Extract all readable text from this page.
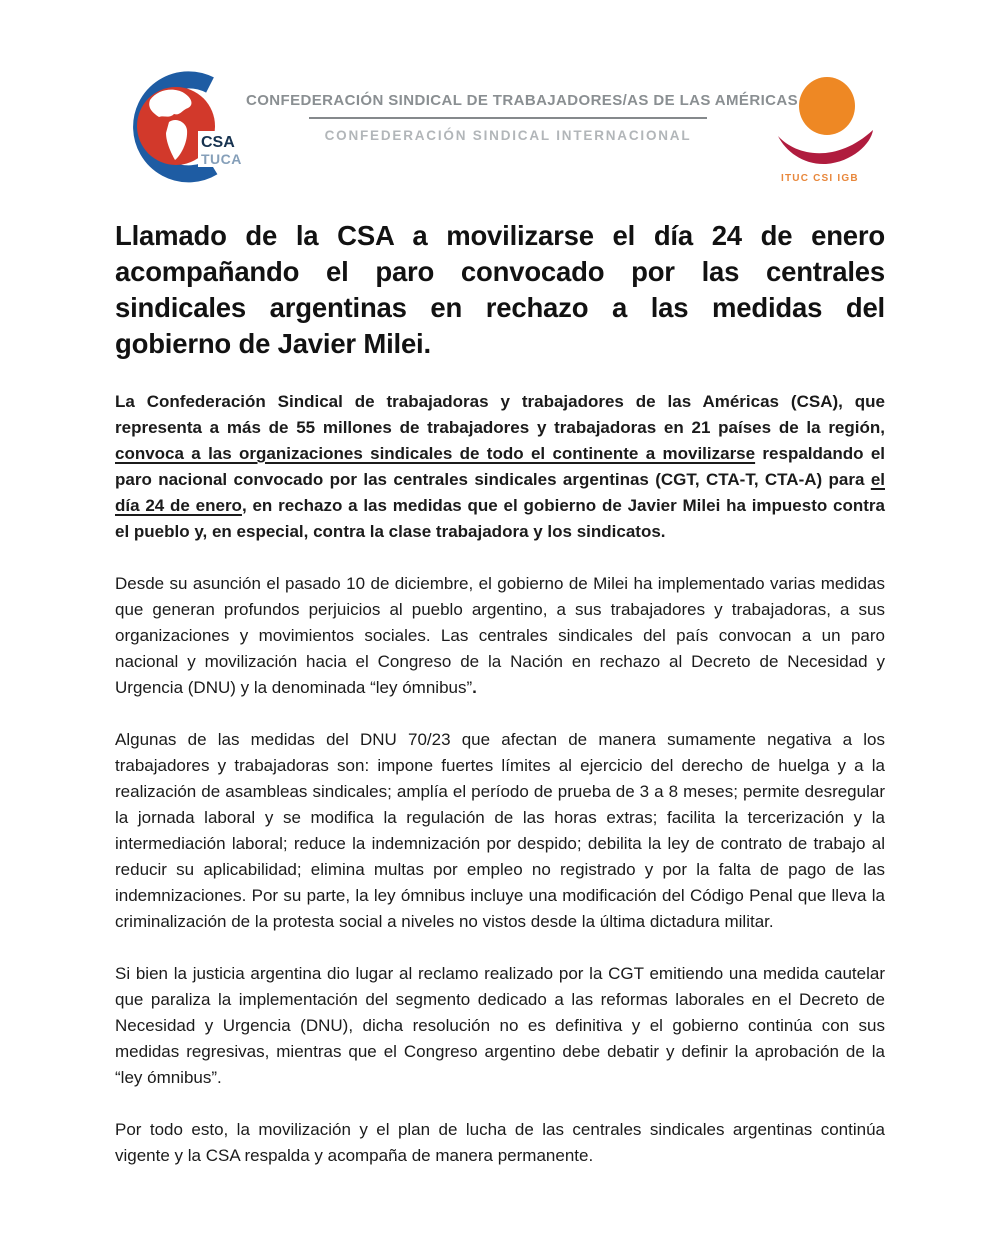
CSA
TUCA
CONFEDERACIÓN SINDICAL DE TRABAJADORES/AS DE LAS AMÉRICAS
CONFEDERACIÓN SINDICAL INTERNACIONAL
ITUC CSI IGB
Llamado de la CSA a movilizarse el día 24 de enero acompañando el paro convocado por las centrales sindicales argentinas en rechazo a las medidas del gobierno de Javier Milei.

La Confederación Sindical de trabajadoras y trabajadores de las Américas (CSA), que representa a más de 55 millones de trabajadores y trabajadoras en 21 países de la región, convoca a las organizaciones sindicales de todo el continente a movilizarse respaldando el paro nacional convocado por las centrales sindicales argentinas (CGT, CTA-T, CTA-A) para el día 24 de enero, en rechazo a las medidas que el gobierno de Javier Milei ha impuesto contra el pueblo y, en especial, contra la clase trabajadora y los sindicatos.

Desde su asunción el pasado 10 de diciembre, el gobierno de Milei ha implementado varias medidas que generan profundos perjuicios al pueblo argentino, a sus trabajadores y trabajadoras, a sus organizaciones y movimientos sociales. Las centrales sindicales del país convocan a un paro nacional y movilización hacia el Congreso de la Nación en rechazo al Decreto de Necesidad y Urgencia (DNU) y la denominada “ley ómnibus”.

Algunas de las medidas del DNU 70/23 que afectan de manera sumamente negativa a los trabajadores y trabajadoras son: impone fuertes límites al ejercicio del derecho de huelga y a la realización de asambleas sindicales; amplía el período de prueba de 3 a 8 meses; permite desregular la jornada laboral y se modifica la regulación de las horas extras; facilita la tercerización y la intermediación laboral; reduce la indemnización por despido; debilita la ley de contrato de trabajo al reducir su aplicabilidad; elimina multas por empleo no registrado y por la falta de pago de las indemnizaciones. Por su parte, la ley ómnibus incluye una modificación del Código Penal que lleva la criminalización de la protesta social a niveles no vistos desde la última dictadura militar.

Si bien la justicia argentina dio lugar al reclamo realizado por la CGT emitiendo una medida cautelar que paraliza la implementación del segmento dedicado a las reformas laborales en el Decreto de Necesidad y Urgencia (DNU), dicha resolución no es definitiva y el gobierno continúa con sus medidas regresivas, mientras que el Congreso argentino debe debatir y definir la aprobación de la “ley ómnibus”.

Por todo esto, la movilización y el plan de lucha de las centrales sindicales argentinas continúa vigente y la CSA respalda y acompaña de manera permanente.
